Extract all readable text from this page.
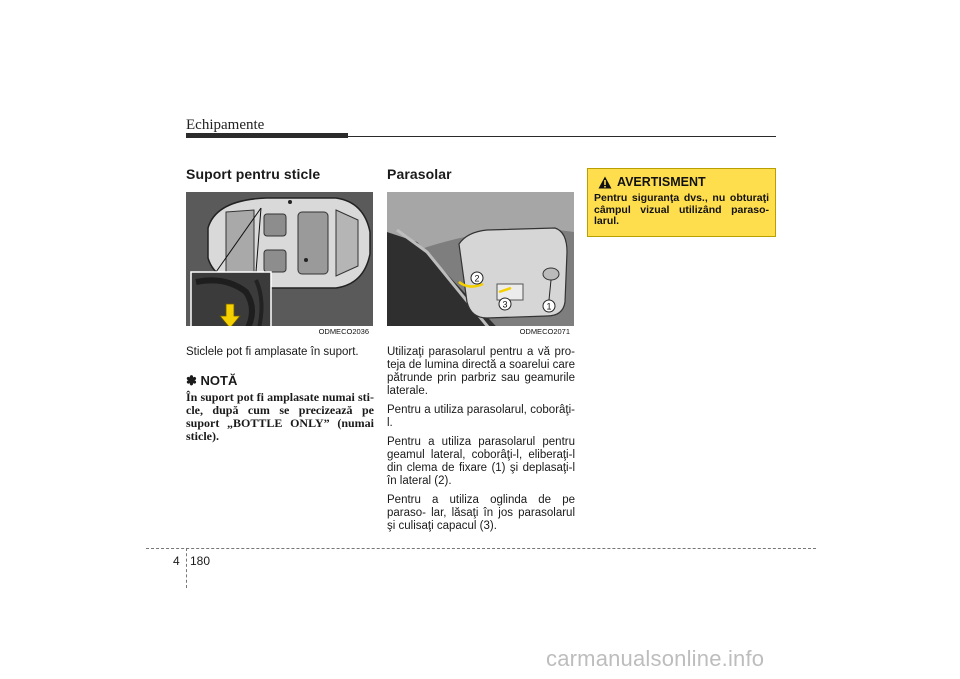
Echipamente
Suport pentru sticle
ODMECO2036

Sticlele pot fi amplasate în suport.

✽ NOTĂ

În suport pot fi amplasate numai sti- cle, după cum se precizează pe suport „BOTTLE ONLY” (numai sticle).

Parasolar
2
3	1
ODMECO2071

Utilizaţi parasolarul pentru a vă pro- teja de lumina directă a soarelui care pătrunde prin parbriz sau geamurile laterale.

Pentru a utiliza parasolarul, coborâţi-l.

Pentru a utiliza parasolarul pentru geamul lateral, coborâţi-l, eliberaţi-l din clema de fixare (1) şi deplasaţi-l în lateral (2).

Pentru a utiliza oglinda de pe paraso- lar, lăsaţi în jos parasolarul şi culisaţi capacul (3).

AVERTISMENT
Pentru siguranţa dvs., nu obturaţi câmpul vizual utilizând paraso- larul.
4 180
carmanualsonline.info
